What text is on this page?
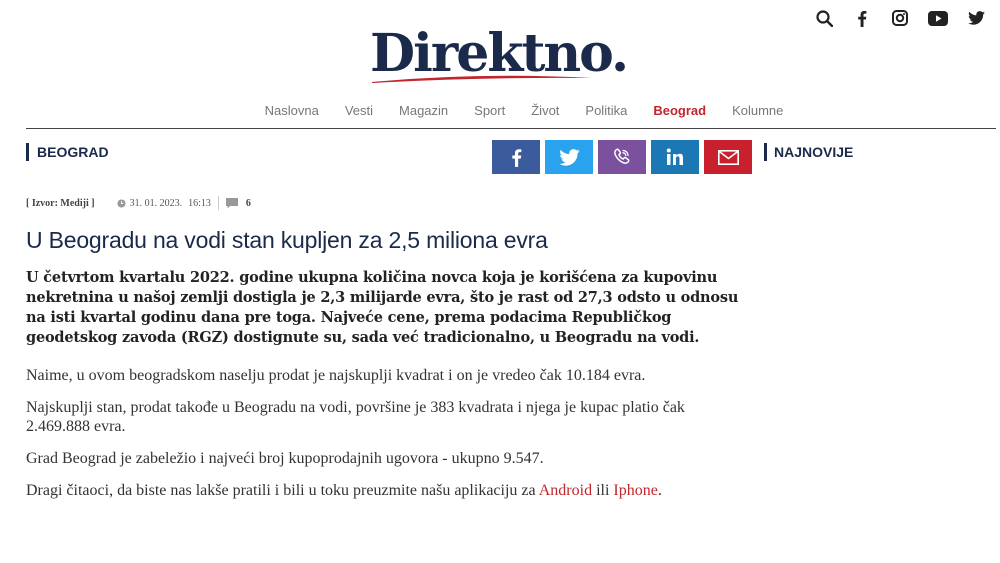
Direktno.
Naslovna Vesti Magazin Sport Život Politika Beograd Kolumne
BEOGRAD	NAJNOVIJE
[ Izvor: Mediji ]	31. 01. 2023. 16:13	6
U Beogradu na vodi stan kupljen za 2,5 miliona evra

U četvrtom kvartalu 2022. godine ukupna količina novca koja je korišćena za kupovinu nekretnina u našoj zemlji dostigla je 2,3 milijarde evra, što je rast od 27,3 odsto u odnosu na isti kvartal godinu dana pre toga. Najveće cene, prema podacima Republičkog geodetskog zavoda (RGZ) dostignute su, sada već tradicionalno, u Beogradu na vodi.

Naime, u ovom beogradskom naselju prodat je najskuplji kvadrat i on je vredeo čak 10.184 evra.

Najskuplji stan, prodat takođe u Beogradu na vodi, površine je 383 kvadrata i njega je kupac platio čak 2.469.888 evra.

Grad Beograd je zabeležio i najveći broj kupoprodajnih ugovora - ukupno 9.547.

Dragi čitaoci, da biste nas lakše pratili i bili u toku preuzmite našu aplikaciju za Android ili Iphone.
